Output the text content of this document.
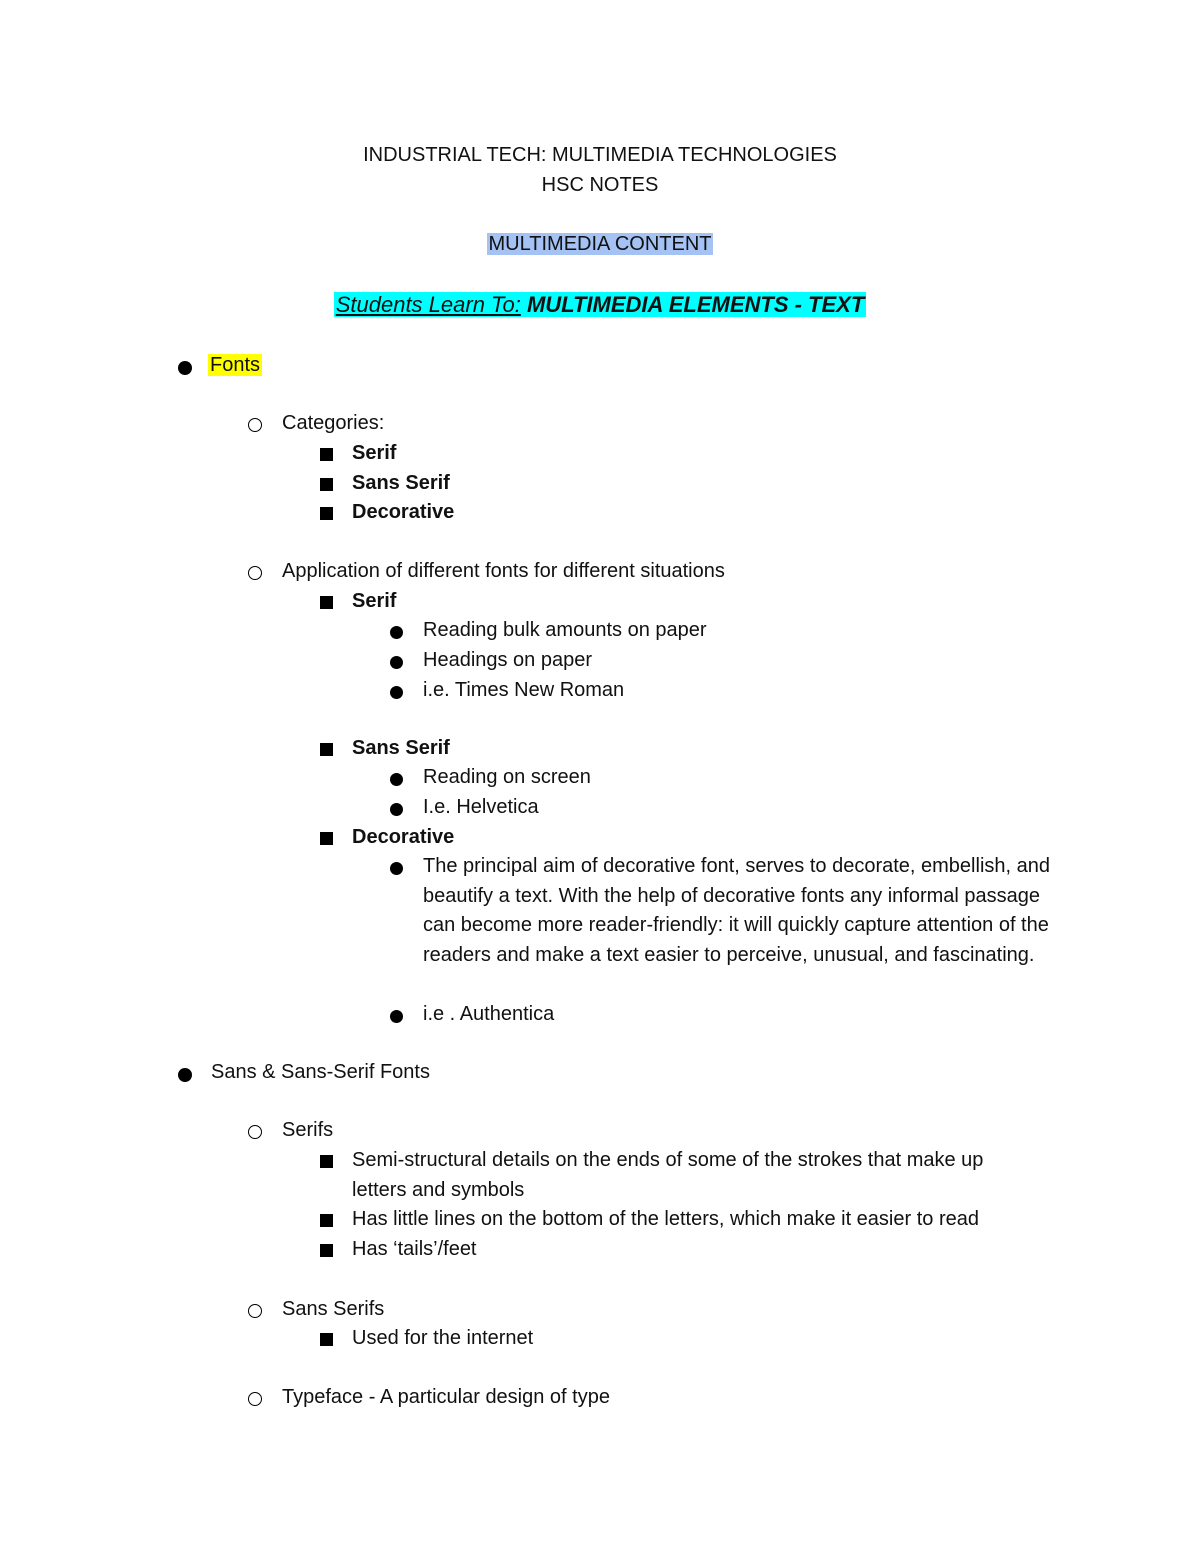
INDUSTRIAL TECH: MULTIMEDIA TECHNOLOGIES
HSC NOTES
MULTIMEDIA CONTENT
Students Learn To: MULTIMEDIA ELEMENTS - TEXT
Fonts
Categories:
Serif
Sans Serif
Decorative
Application of different fonts for different situations
Serif
Reading bulk amounts on paper
Headings on paper
i.e. Times New Roman
Sans Serif
Reading on screen
I.e. Helvetica
Decorative
The principal aim of decorative font, serves to decorate, embellish, and beautify a text. With the help of decorative fonts any informal passage can become more reader-friendly: it will quickly capture attention of the readers and make a text easier to perceive, unusual, and fascinating.
i.e . Authentica
Sans & Sans-Serif Fonts
Serifs
Semi-structural details on the ends of some of the strokes that make up letters and symbols
Has little lines on the bottom of the letters, which make it easier to read
Has ‘tails’/feet
Sans Serifs
Used for the internet
Typeface - A particular design of type
